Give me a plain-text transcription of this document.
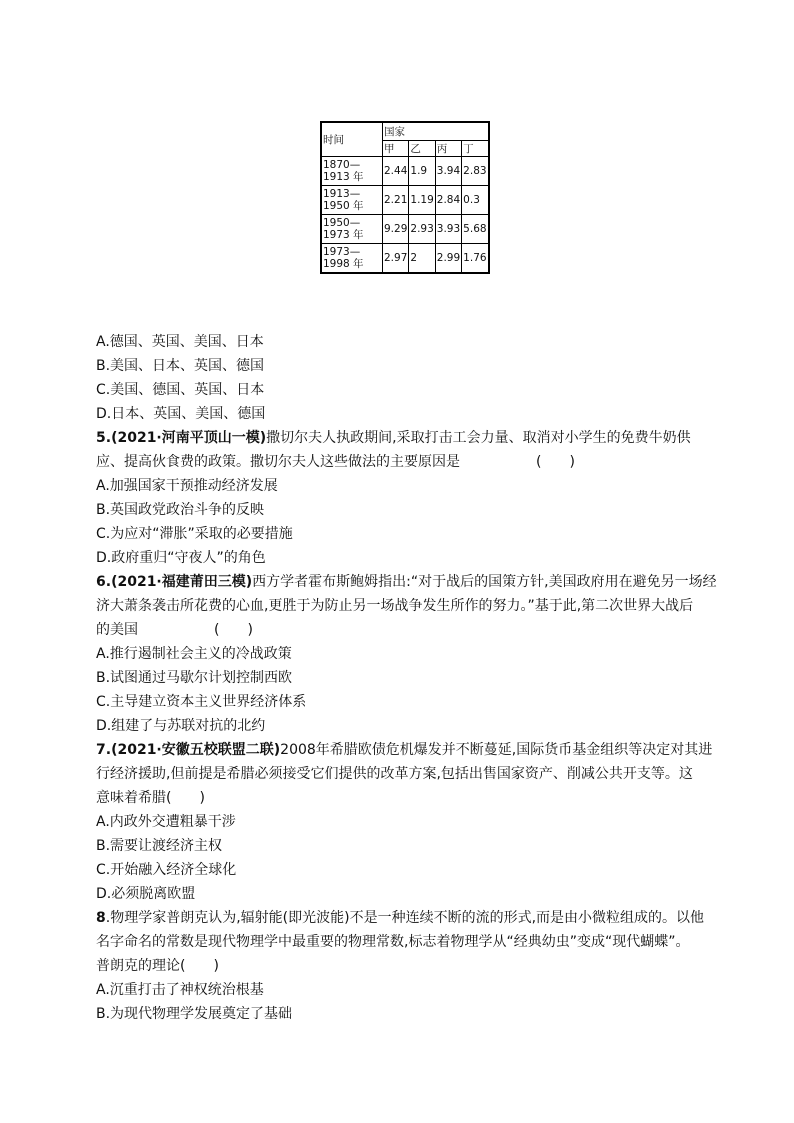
时间	国家			
	甲	乙	丙	丁

1870—
1913 年	2.44	1.9	3.94	2.83

1913—
1950 年	2.21	1.19	2.84	0.3

1950—
1973 年	9.29	2.93	3.93	5.68

1973—
1998 年	2.97	2	2.99	1.76
A.德国、英国、美国、日本
B.美国、日本、英国、德国
C.美国、德国、英国、日本
D.日本、英国、美国、德国
5.(2021·河南平顶山一模)撒切尔夫人执政期间,采取打击工会力量、取消对小学生的免费牛奶供
应、提高伙食费的政策。撒切尔夫人这些做法的主要原因是	(　　)
A.加强国家干预推动经济发展
B.英国政党政治斗争的反映
C.为应对“滞胀”采取的必要措施
D.政府重归“守夜人”的角色
6.(2021·福建莆田三模)西方学者霍布斯鲍姆指出:“对于战后的国策方针,美国政府用在避免另一场经
济大萧条袭击所花费的心血,更胜于为防止另一场战争发生所作的努力。”基于此,第二次世界大战后
的美国	(　　)
A.推行遏制社会主义的冷战政策
B.试图通过马歇尔计划控制西欧
C.主导建立资本主义世界经济体系
D.组建了与苏联对抗的北约
7.(2021·安徽五校联盟二联)2008年希腊欧债危机爆发并不断蔓延,国际货币基金组织等决定对其进
行经济援助,但前提是希腊必须接受它们提供的改革方案,包括出售国家资产、削减公共开支等。这
意味着希腊(　　)
A.内政外交遭粗暴干涉
B.需要让渡经济主权
C.开始融入经济全球化
D.必须脱离欧盟
8.物理学家普朗克认为,辐射能(即光波能)不是一种连续不断的流的形式,而是由小微粒组成的。以他
名字命名的常数是现代物理学中最重要的物理常数,标志着物理学从“经典幼虫”变成“现代蝴蝶”。
普朗克的理论(　　)
A.沉重打击了神权统治根基
B.为现代物理学发展奠定了基础
